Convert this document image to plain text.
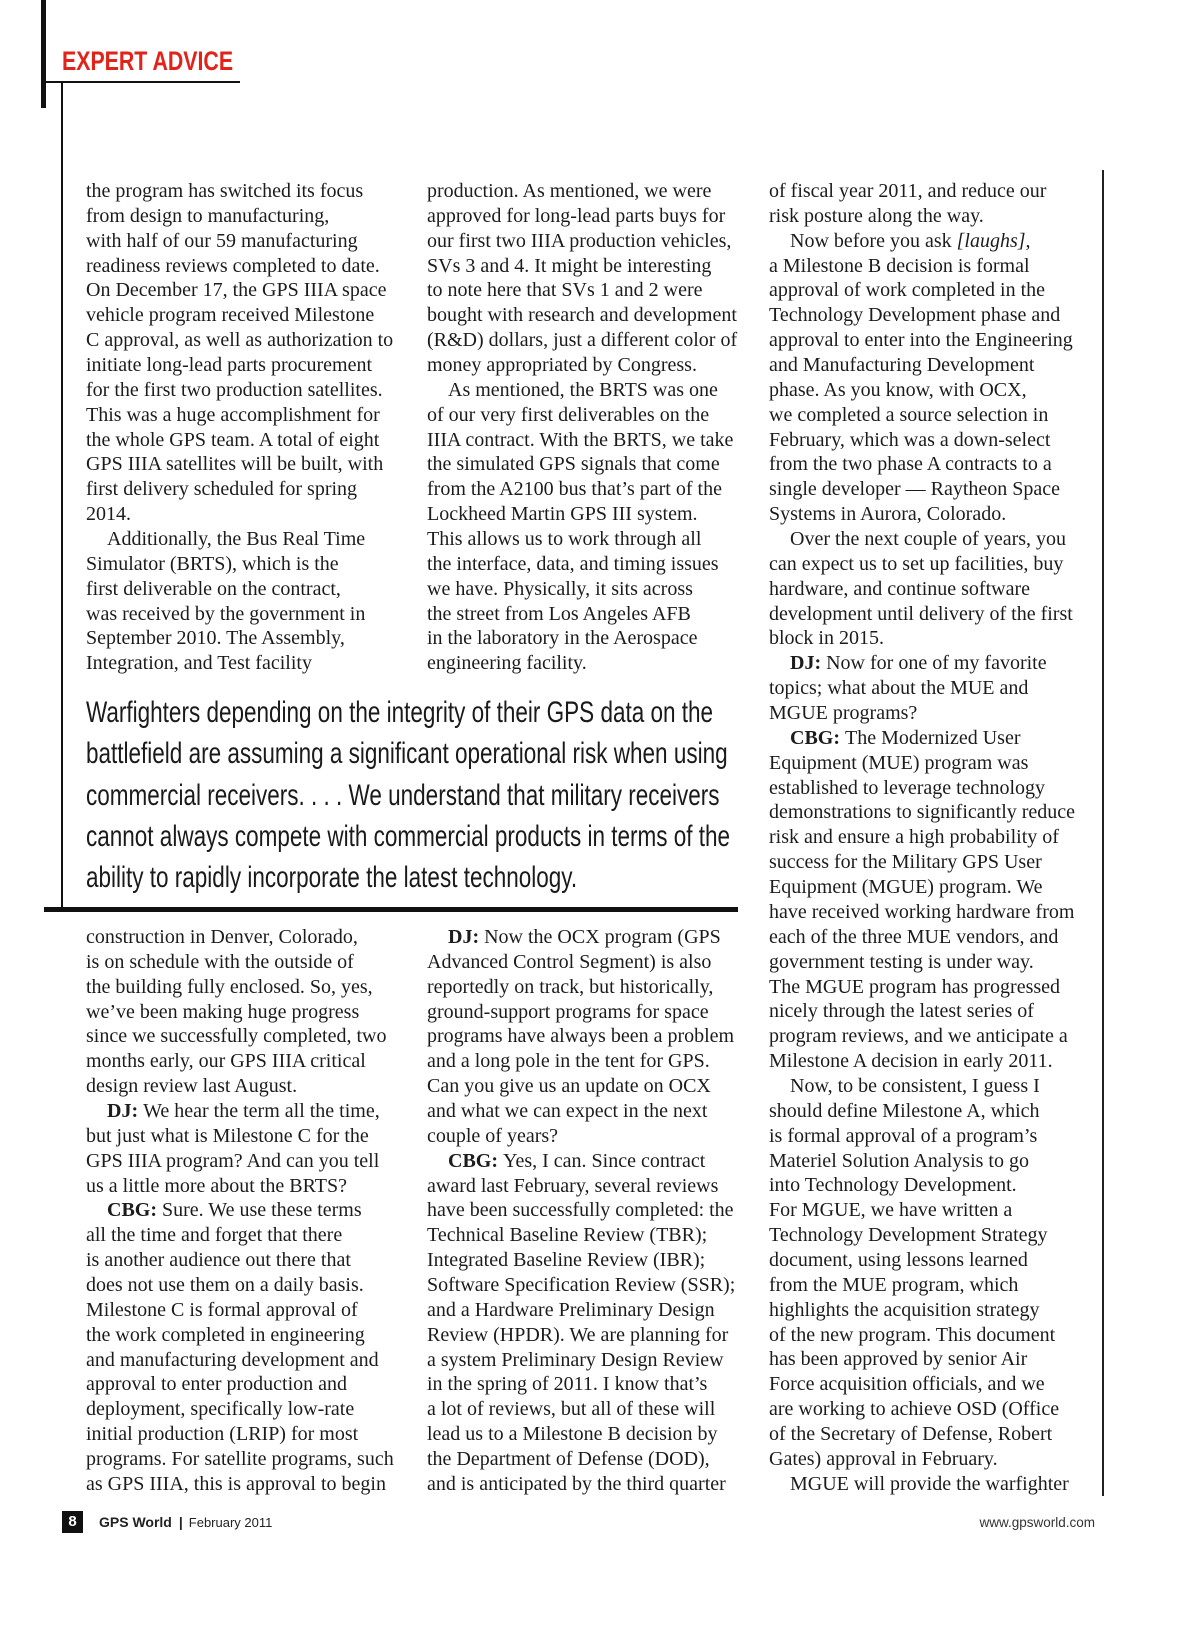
EXPERT ADVICE
the program has switched its focus
from design to manufacturing,
with half of our 59 manufacturing
readiness reviews completed to date.
On December 17, the GPS IIIA space
vehicle program received Milestone
C approval, as well as authorization to
initiate long-lead parts procurement
for the first two production satellites.
This was a huge accomplishment for
the whole GPS team. A total of eight
GPS IIIA satellites will be built, with
first delivery scheduled for spring
2014.
Additionally, the Bus Real Time
Simulator (BRTS), which is the
first deliverable on the contract,
was received by the government in
September 2010. The Assembly,
Integration, and Test facility
production. As mentioned, we were
approved for long-lead parts buys for
our first two IIIA production vehicles,
SVs 3 and 4. It might be interesting
to note here that SVs 1 and 2 were
bought with research and development
(R&D) dollars, just a different color of
money appropriated by Congress.
As mentioned, the BRTS was one
of our very first deliverables on the
IIIA contract. With the BRTS, we take
the simulated GPS signals that come
from the A2100 bus that’s part of the
Lockheed Martin GPS III system.
This allows us to work through all
the interface, data, and timing issues
we have. Physically, it sits across
the street from Los Angeles AFB
in the laboratory in the Aerospace
engineering facility.
of fiscal year 2011, and reduce our
risk posture along the way.
Now before you ask [laughs],
a Milestone B decision is formal
approval of work completed in the
Technology Development phase and
approval to enter into the Engineering
and Manufacturing Development
phase. As you know, with OCX,
we completed a source selection in
February, which was a down-select
from the two phase A contracts to a
single developer — Raytheon Space
Systems in Aurora, Colorado.
Over the next couple of years, you
can expect us to set up facilities, buy
hardware, and continue software
development until delivery of the first
block in 2015.
DJ: Now for one of my favorite
topics; what about the MUE and
MGUE programs?
CBG: The Modernized User
Equipment (MUE) program was
established to leverage technology
demonstrations to significantly reduce
risk and ensure a high probability of
success for the Military GPS User
Equipment (MGUE) program. We
have received working hardware from
each of the three MUE vendors, and
government testing is under way.
The MGUE program has progressed
nicely through the latest series of
program reviews, and we anticipate a
Milestone A decision in early 2011.
Now, to be consistent, I guess I
should define Milestone A, which
is formal approval of a program’s
Materiel Solution Analysis to go
into Technology Development.
For MGUE, we have written a
Technology Development Strategy
document, using lessons learned
from the MUE program, which
highlights the acquisition strategy
of the new program. This document
has been approved by senior Air
Force acquisition officials, and we
are working to achieve OSD (Office
of the Secretary of Defense, Robert
Gates) approval in February.
MGUE will provide the warfighter
Warfighters depending on the integrity of their GPS data on the
battlefield are assuming a significant operational risk when using
commercial receivers. . . . We understand that military receivers
cannot always compete with commercial products in terms of the
ability to rapidly incorporate the latest technology.
construction in Denver, Colorado,
is on schedule with the outside of
the building fully enclosed. So, yes,
we’ve been making huge progress
since we successfully completed, two
months early, our GPS IIIA critical
design review last August.
DJ: We hear the term all the time,
but just what is Milestone C for the
GPS IIIA program? And can you tell
us a little more about the BRTS?
CBG: Sure. We use these terms
all the time and forget that there
is another audience out there that
does not use them on a daily basis.
Milestone C is formal approval of
the work completed in engineering
and manufacturing development and
approval to enter production and
deployment, specifically low-rate
initial production (LRIP) for most
programs. For satellite programs, such
as GPS IIIA, this is approval to begin
DJ: Now the OCX program (GPS
Advanced Control Segment) is also
reportedly on track, but historically,
ground-support programs for space
programs have always been a problem
and a long pole in the tent for GPS.
Can you give us an update on OCX
and what we can expect in the next
couple of years?
CBG: Yes, I can. Since contract
award last February, several reviews
have been successfully completed: the
Technical Baseline Review (TBR);
Integrated Baseline Review (IBR);
Software Specification Review (SSR);
and a Hardware Preliminary Design
Review (HPDR). We are planning for
a system Preliminary Design Review
in the spring of 2011. I know that’s
a lot of reviews, but all of these will
lead us to a Milestone B decision by
the Department of Defense (DOD),
and is anticipated by the third quarter
8	GPS World | February 2011	www.gpsworld.com
